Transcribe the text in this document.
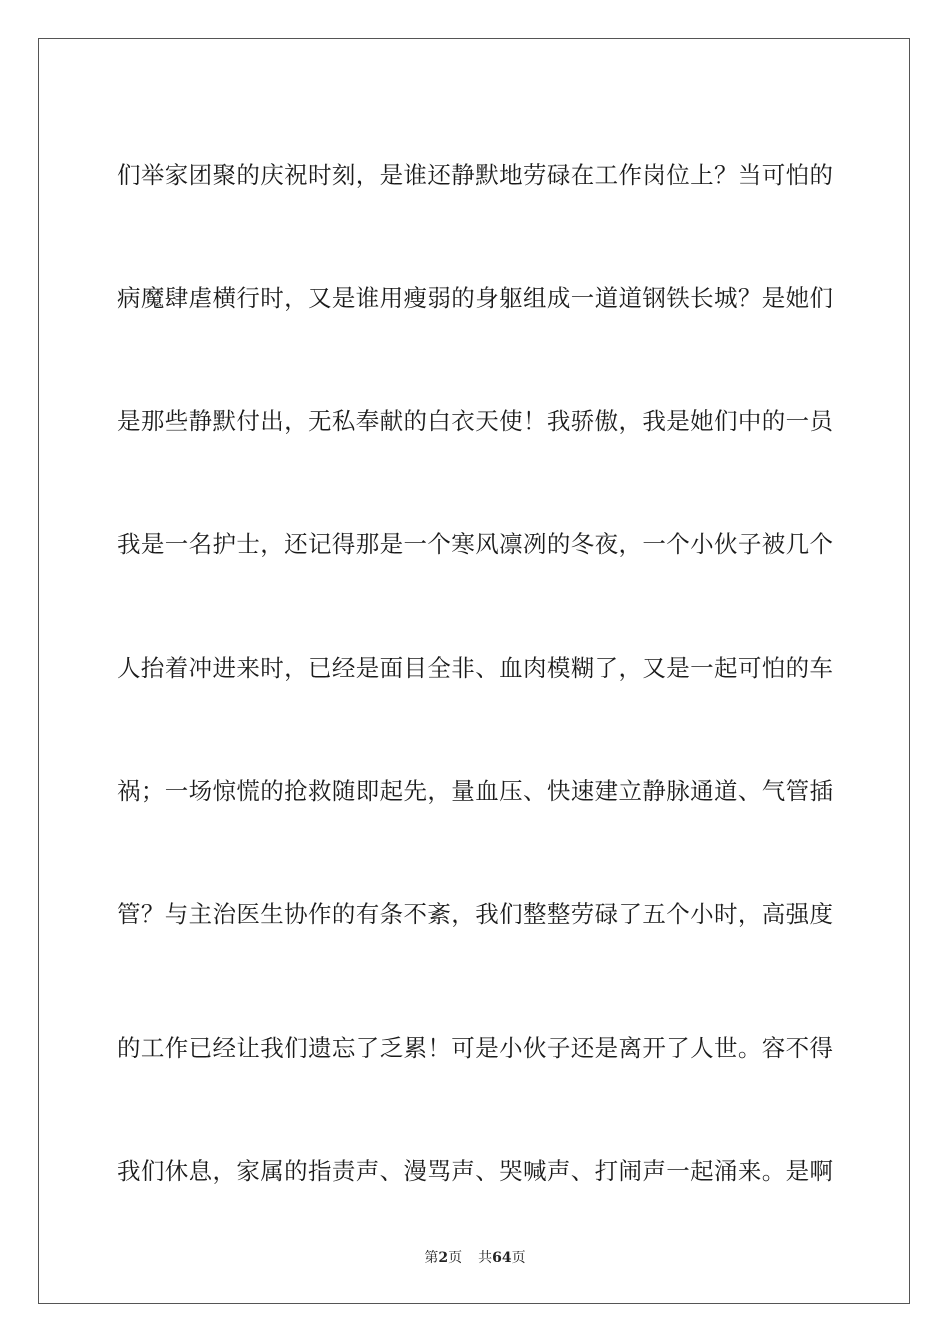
们举家团聚的庆祝时刻，是谁还静默地劳碌在工作岗位上？当可怕的

病魔肆虐横行时，又是谁用瘦弱的身躯组成一道道钢铁长城？是她们

是那些静默付出，无私奉献的白衣天使！我骄傲，我是她们中的一员

我是一名护士，还记得那是一个寒风凛冽的冬夜，一个小伙子被几个

人抬着冲进来时，已经是面目全非、血肉模糊了，又是一起可怕的车

祸；一场惊慌的抢救随即起先，量血压、快速建立静脉通道、气管插

管？与主治医生协作的有条不紊，我们整整劳碌了五个小时，高强度

的工作已经让我们遗忘了乏累！可是小伙子还是离开了人世。容不得

我们休息，家属的指责声、漫骂声、哭喊声、打闹声一起涌来。是啊

第2页 共64页
